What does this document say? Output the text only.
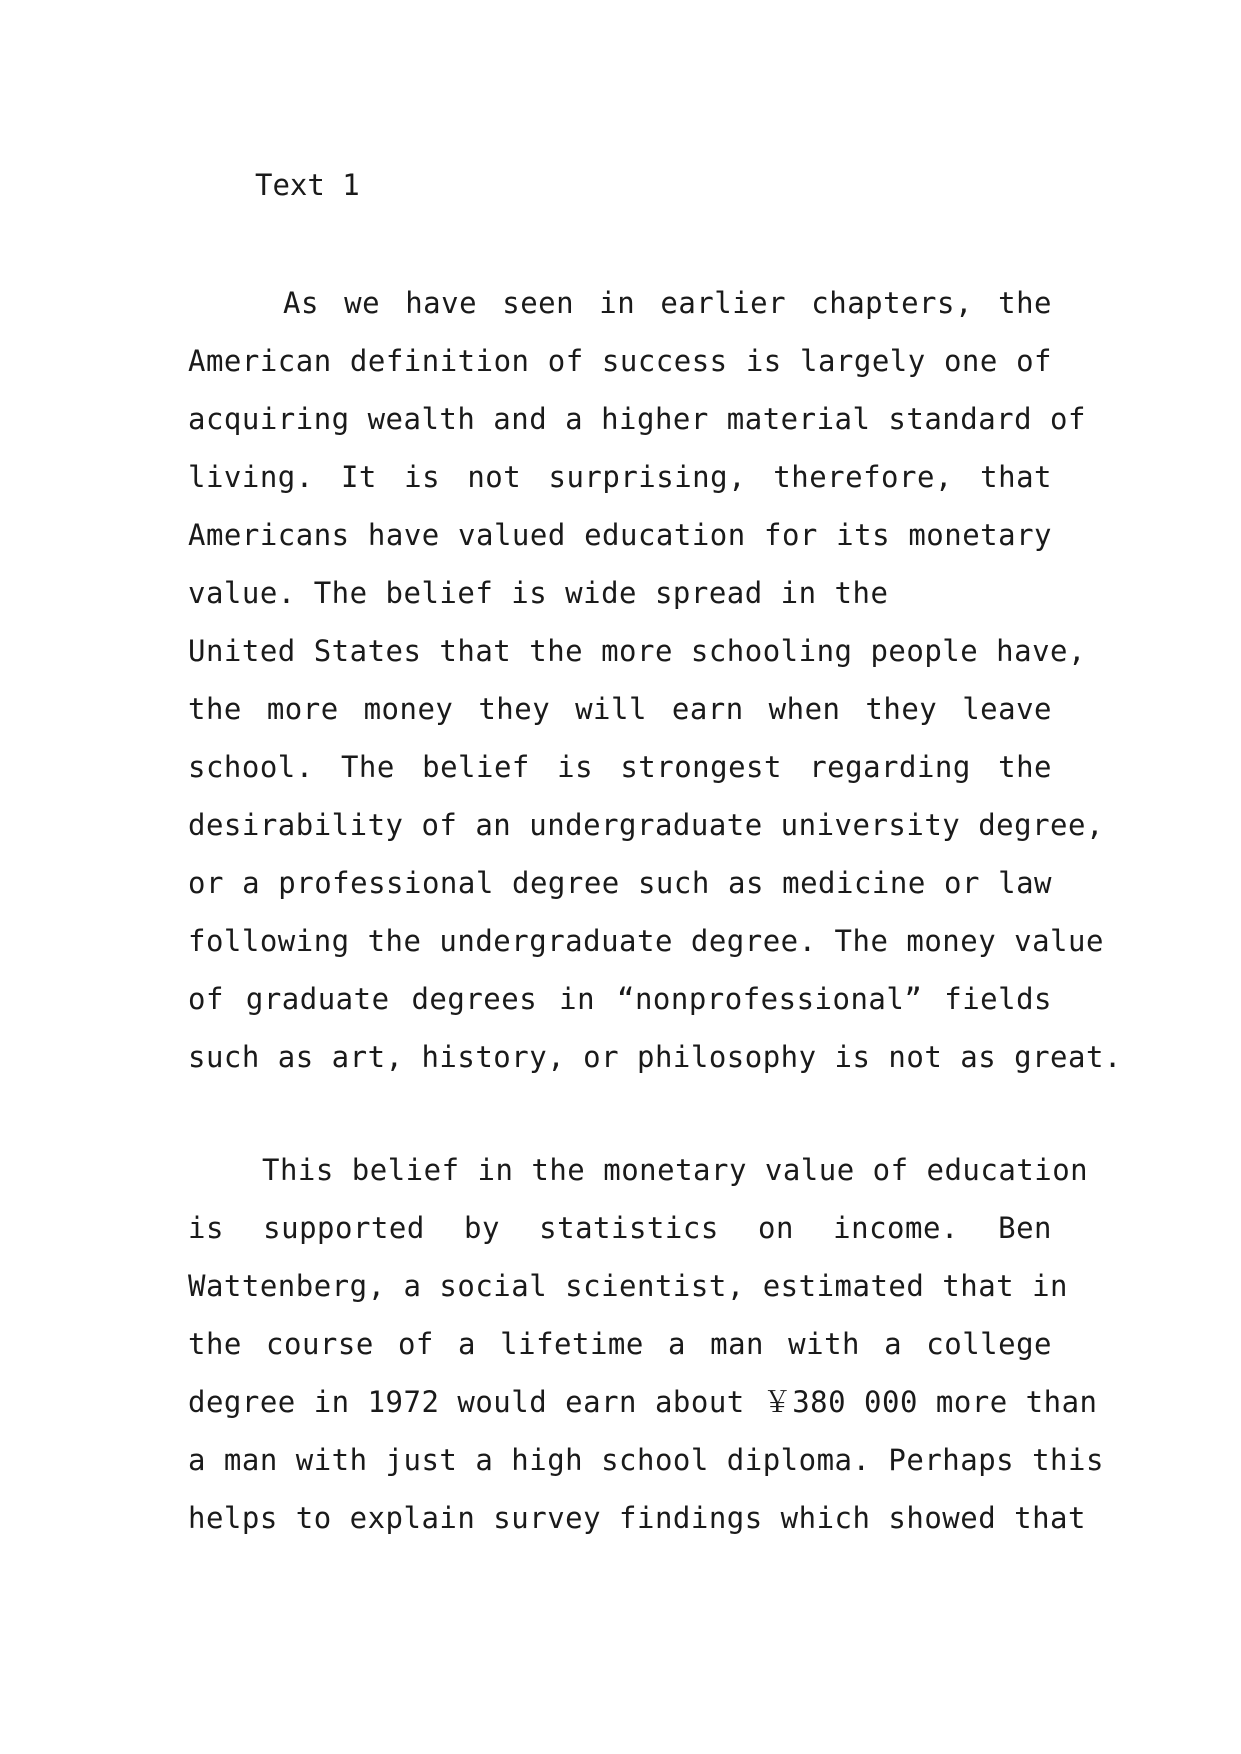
Text 1
As we have seen in earlier chapters, the
American definition of success is largely one of
acquiring wealth and a higher material standard of
living. It is not surprising, therefore, that
Americans have valued education for its monetary
value. The belief is wide spread in the
United States that the more schooling people have,
the more money they will earn when they leave
school. The belief is strongest regarding the
desirability of an undergraduate university degree,
or a professional degree such as medicine or law
following the undergraduate degree. The money value
of graduate degrees in “nonprofessional” fields
such as art, history, or philosophy is not as great.
This belief in the monetary value of education
is supported by statistics on income. Ben
Wattenberg, a social scientist, estimated that in
the course of a lifetime a man with a college
degree in 1972 would earn about ￥380 000 more than
a man with just a high school diploma. Perhaps this
helps to explain survey findings which showed that
